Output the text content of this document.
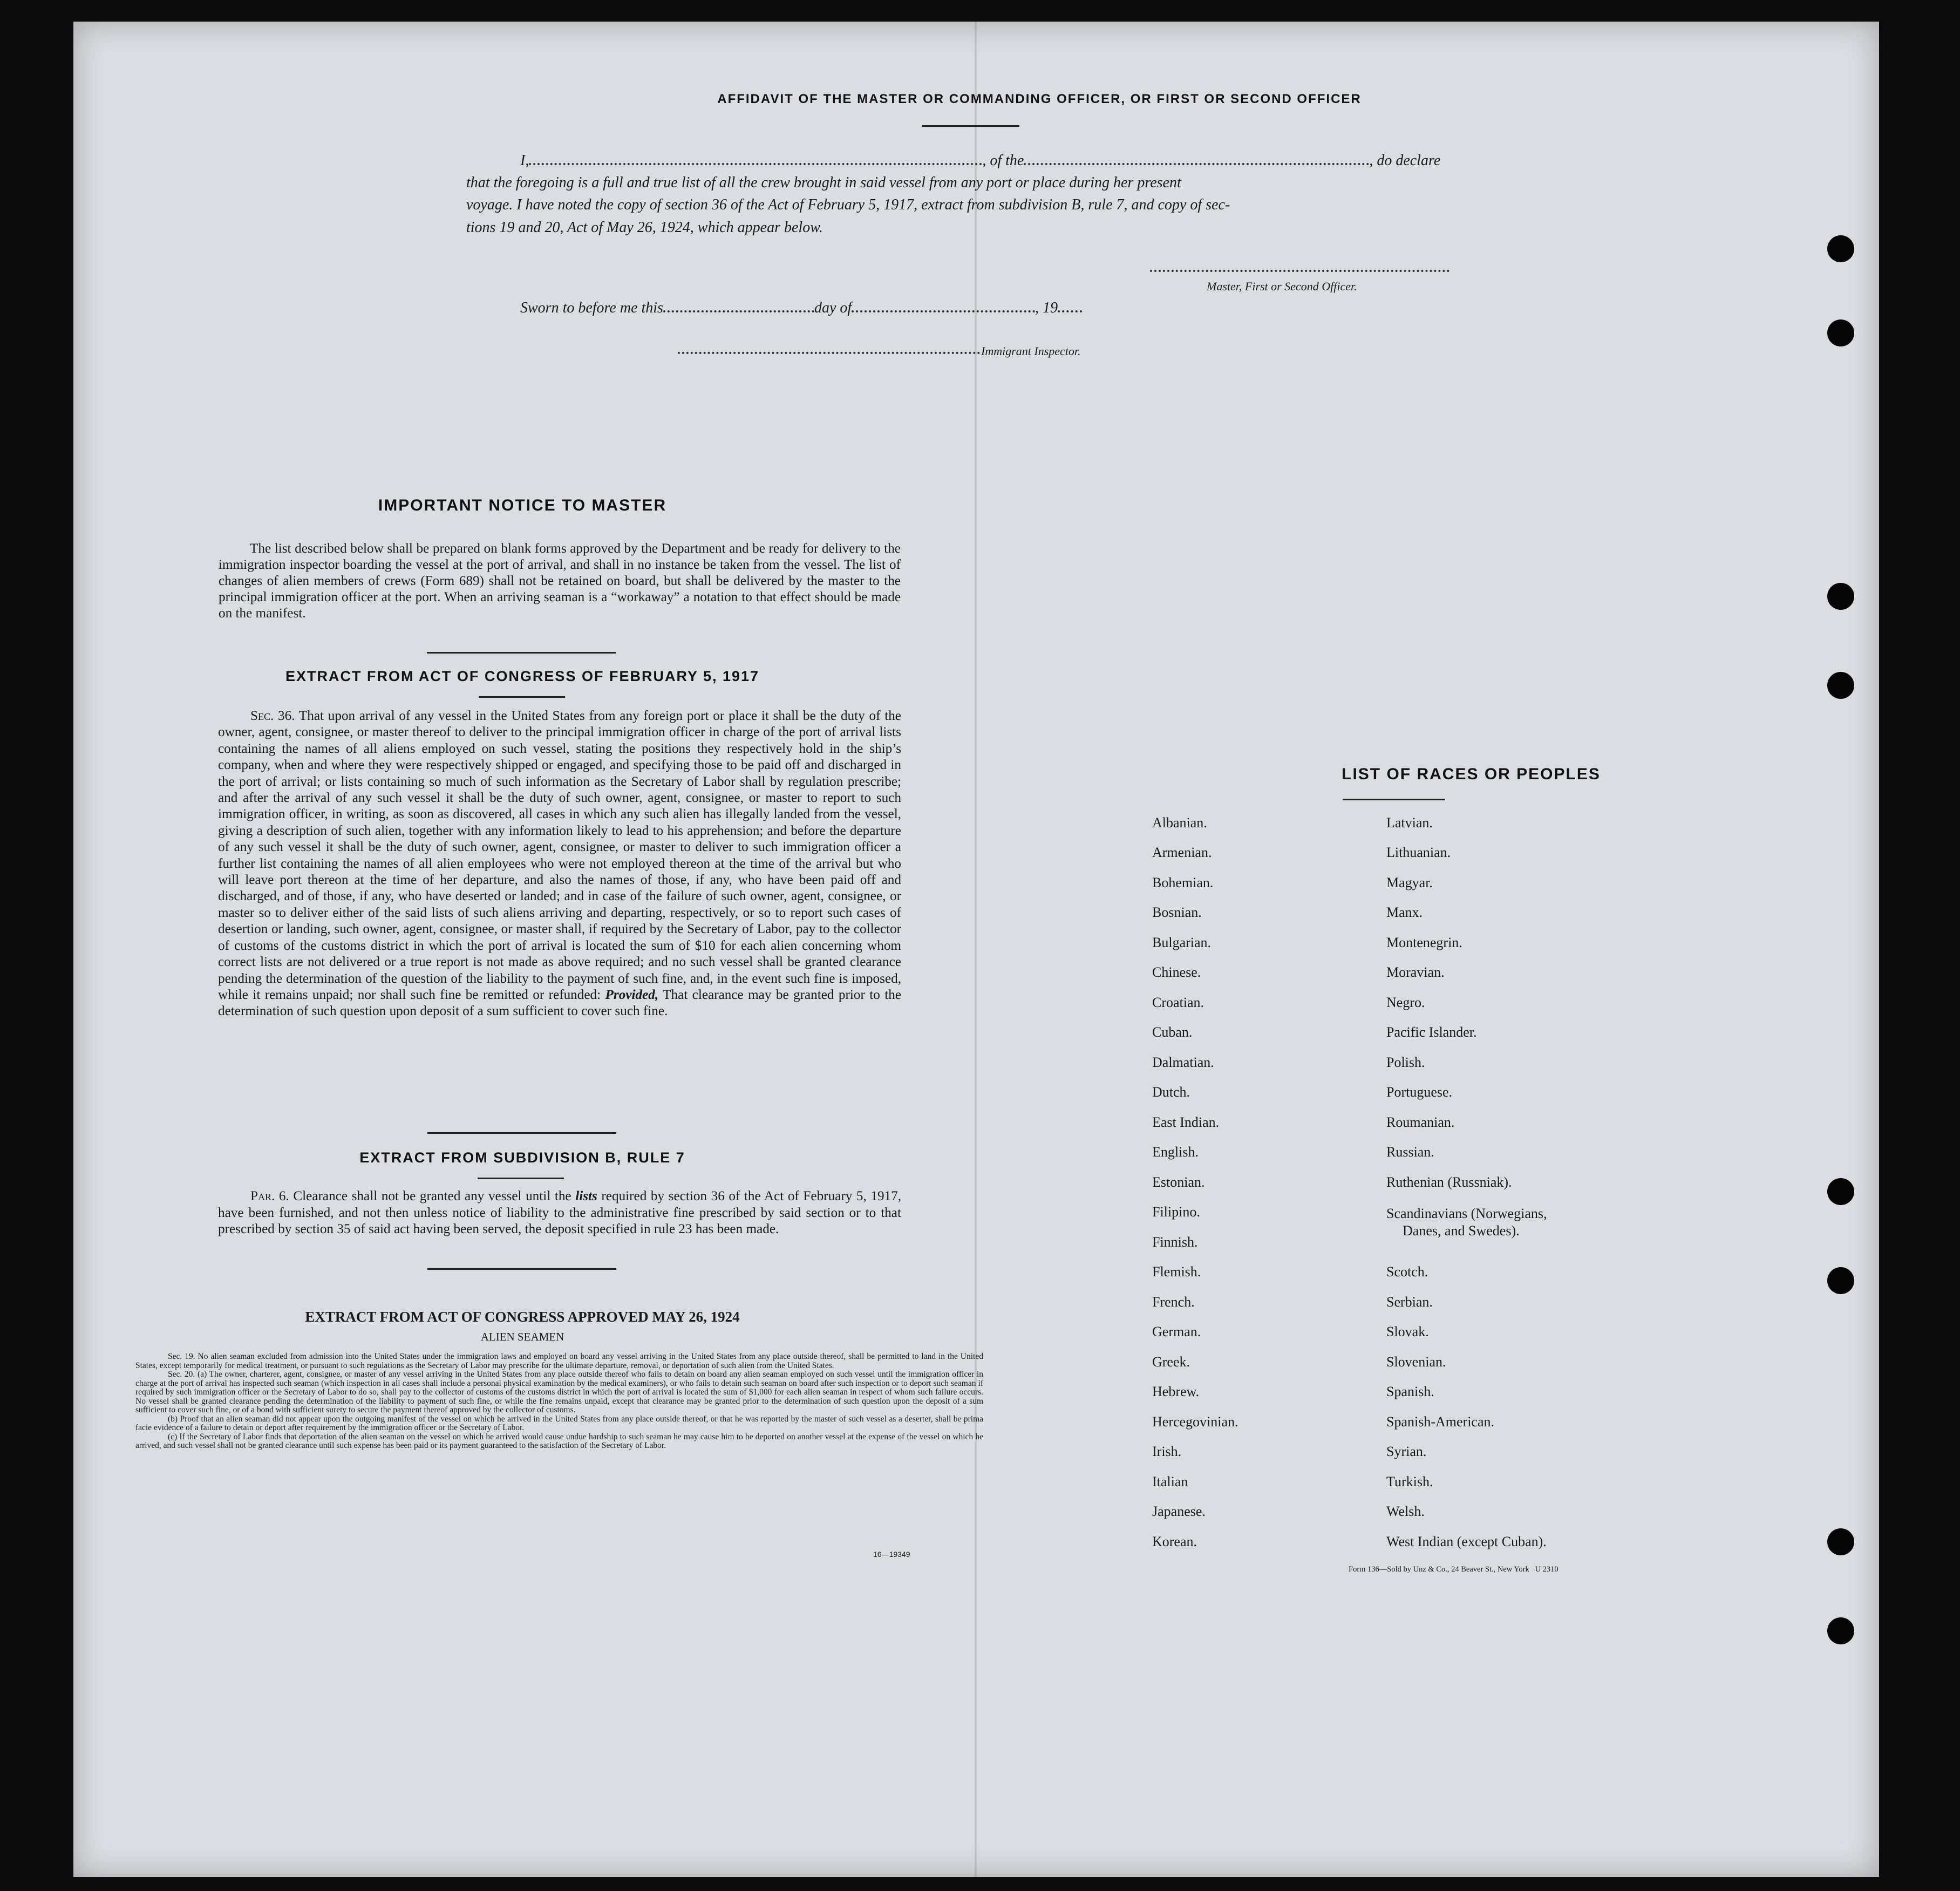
AFFIDAVIT OF THE MASTER OR COMMANDING OFFICER, OR FIRST OR SECOND OFFICER
I,	, of the	, do declare
that the foregoing is a full and true list of all the crew brought in said vessel from any port or place during her present
voyage. I have noted the copy of section 36 of the Act of February 5, 1917, extract from subdivision B, rule 7, and copy of sec-
tions 19 and 20, Act of May 26, 1924, which appear below.
Master, First or Second Officer.
Sworn to before me this	day of	, 19
Immigrant Inspector.
IMPORTANT NOTICE TO MASTER
The list described below shall be prepared on blank forms approved by the Department and be ready for delivery to the immigration inspector boarding the vessel at the port of arrival, and shall in no instance be taken from the vessel. The list of changes of alien members of crews (Form 689) shall not be retained on board, but shall be delivered by the master to the principal immigration officer at the port. When an arriving seaman is a “workaway” a notation to that effect should be made on the manifest.
EXTRACT FROM ACT OF CONGRESS OF FEBRUARY 5, 1917
Sec. 36. That upon arrival of any vessel in the United States from any foreign port or place it shall be the duty of the owner, agent, consignee, or master thereof to deliver to the principal immigration officer in charge of the port of arrival lists containing the names of all aliens employed on such vessel, stating the positions they respectively hold in the ship’s company, when and where they were respectively shipped or engaged, and specifying those to be paid off and discharged in the port of arrival; or lists containing so much of such information as the Secretary of Labor shall by regulation prescribe; and after the arrival of any such vessel it shall be the duty of such owner, agent, consignee, or master to report to such immigration officer, in writing, as soon as discovered, all cases in which any such alien has illegally landed from the vessel, giving a description of such alien, together with any information likely to lead to his apprehension; and before the departure of any such vessel it shall be the duty of such owner, agent, consignee, or master to deliver to such immigration officer a further list containing the names of all alien employees who were not employed thereon at the time of the arrival but who will leave port thereon at the time of her departure, and also the names of those, if any, who have been paid off and discharged, and of those, if any, who have deserted or landed; and in case of the failure of such owner, agent, consignee, or master so to deliver either of the said lists of such aliens arriving and departing, respectively, or so to report such cases of desertion or landing, such owner, agent, consignee, or master shall, if required by the Secretary of Labor, pay to the collector of customs of the customs district in which the port of arrival is located the sum of $10 for each alien concerning whom correct lists are not delivered or a true report is not made as above required; and no such vessel shall be granted clearance pending the determination of the question of the liability to the payment of such fine, and, in the event such fine is imposed, while it remains unpaid; nor shall such fine be remitted or refunded: Provided, That clearance may be granted prior to the determination of such question upon deposit of a sum sufficient to cover such fine.
EXTRACT FROM SUBDIVISION B, RULE 7
Par. 6. Clearance shall not be granted any vessel until the lists required by section 36 of the Act of February 5, 1917, have been furnished, and not then unless notice of liability to the administrative fine prescribed by said section or to that prescribed by section 35 of said act having been served, the deposit specified in rule 23 has been made.
EXTRACT FROM ACT OF CONGRESS APPROVED MAY 26, 1924
ALIEN SEAMEN
Sec. 19. No alien seaman excluded from admission into the United States under the immigration laws and employed on board any vessel arriving in the United States from any place outside thereof, shall be permitted to land in the United States, except temporarily for medical treatment, or pursuant to such regulations as the Secretary of Labor may prescribe for the ultimate departure, removal, or deportation of such alien from the United States.
Sec. 20. (a) The owner, charterer, agent, consignee, or master of any vessel arriving in the United States from any place outside thereof who fails to detain on board any alien seaman employed on such vessel until the immigration officer in charge at the port of arrival has inspected such seaman (which inspection in all cases shall include a personal physical examination by the medical examiners), or who fails to detain such seaman on board after such inspection or to deport such seaman if required by such immigration officer or the Secretary of Labor to do so, shall pay to the collector of customs of the customs district in which the port of arrival is located the sum of $1,000 for each alien seaman in respect of whom such failure occurs. No vessel shall be granted clearance pending the determination of the liability to payment of such fine, or while the fine remains unpaid, except that clearance may be granted prior to the determination of such question upon the deposit of a sum sufficient to cover such fine, or of a bond with sufficient surety to secure the payment thereof approved by the collector of customs.
(b) Proof that an alien seaman did not appear upon the outgoing manifest of the vessel on which he arrived in the United States from any place outside thereof, or that he was reported by the master of such vessel as a deserter, shall be prima facie evidence of a failure to detain or deport after requirement by the immigration officer or the Secretary of Labor.
(c) If the Secretary of Labor finds that deportation of the alien seaman on the vessel on which he arrived would cause undue hardship to such seaman he may cause him to be deported on another vessel at the expense of the vessel on which he arrived, and such vessel shall not be granted clearance until such expense has been paid or its payment guaranteed to the satisfaction of the Secretary of Labor.
16—19349
LIST OF RACES OR PEOPLES
Albanian.
Armenian.
Bohemian.
Bosnian.
Bulgarian.
Chinese.
Croatian.
Cuban.
Dalmatian.
Dutch.
East Indian.
English.
Estonian.
Filipino.
Finnish.
Flemish.
French.
German.
Greek.
Hebrew.
Hercegovinian.
Irish.
Italian
Japanese.
Korean.
Latvian.
Lithuanian.
Magyar.
Manx.
Montenegrin.
Moravian.
Negro.
Pacific Islander.
Polish.
Portuguese.
Roumanian.
Russian.
Ruthenian (Russniak).
Scandinavians (Norwegians,
Danes, and Swedes).
Scotch.
Serbian.
Slovak.
Slovenian.
Spanish.
Spanish-American.
Syrian.
Turkish.
Welsh.
West Indian (except Cuban).
Form 136—Sold by Unz & Co., 24 Beaver St., New York   U 2310
